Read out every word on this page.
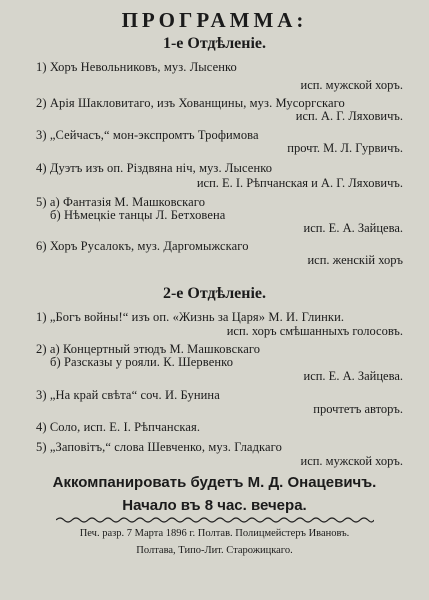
ПРОГРАММА:
1-е Отдѣленіе.
1) Хоръ Невольниковъ, муз. Лысенко
исп. мужской хоръ.
2) Арія Шакловитаго, изъ Хованщины, муз. Мусоргскаго
исп. А. Г. Ляховичъ.
3) „Сейчасъ,“ мон-экспромтъ Трофимова
прочт. М. Л. Гурвичъ.
4) Дуэтъ изъ оп. Різдвяна ніч, муз. Лысенко
исп. Е. І. Рѣпчанская и А. Г. Ляховичъ.
5) а) Фантазія М. Машковскаго
б) Нѣмецкіе танцы Л. Бетховена
исп. Е. А. Зайцева.
6) Хоръ Русалокъ, муз. Даргомыжскаго
исп. женскій хоръ
2-е Отдѣленіе.
1) „Богъ войны!“ изъ оп. «Жизнь за Царя» М. И. Глинки.
исп. хоръ смѣшанныхъ голосовъ.
2) а) Концертный этюдъ М. Машковскаго
б) Разсказы у рояли. К. Шервенко
исп. Е. А. Зайцева.
3) „На край свѣта“ соч. И. Бунина
прочтетъ авторъ.
4) Соло, исп. Е. І. Рѣпчанская.
5) „Заповітъ,“ слова Шевченко, муз. Гладкаго
исп. мужской хоръ.
Аккомпанировать будетъ М. Д. Онацевичъ.
Начало въ 8 час. вечера.
Печ. разр. 7 Марта 1896 г. Полтав. Полицмейстеръ Ивановъ.
Полтава, Типо-Лит. Старожицкаго.
